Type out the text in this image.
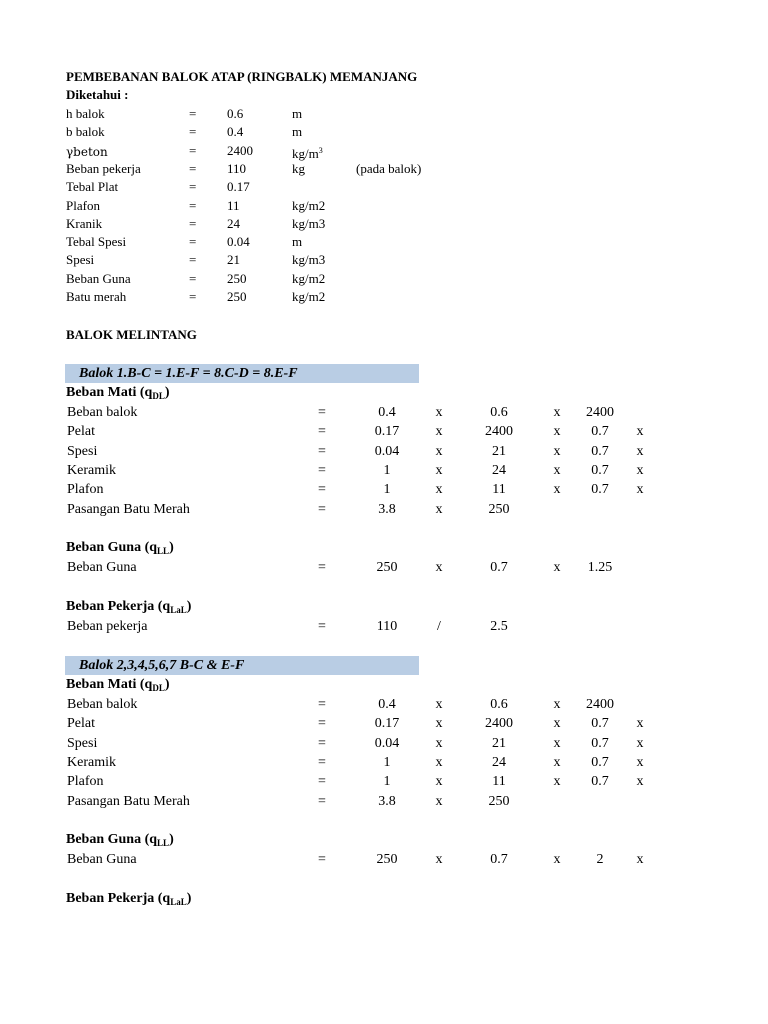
PEMBEBANAN BALOK ATAP (RINGBALK) MEMANJANG
Diketahui :
h balok	= 0.6	m
b balok	= 0.4	m
γbeton	= 2400	$kg/m^3$
Beban pekerja	= 110	kg	(pada balok)
Tebal Plat	= 0.17
Plafon	= 11	kg/m2
Kranik	= 24	kg/m3
Tebal Spesi	= 0.04	m
Spesi	= 21	kg/m3
Beban Guna	= 250	kg/m2
Batu merah	= 250	kg/m2
BALOK MELINTANG
Balok 1.B-C = 1.E-F = 8.C-D = 8.E-F
Beban Mati $(q_{DL})$
Beban balok	=	0.4	x	0.6	x	2400
Pelat	=	0.17	x	2400	x	0.7	x
Spesi	=	0.04	x	21	x	0.7	x
Keramik	=	1	x	24	x	0.7	x
Plafon	=	1	x	11	x	0.7	x
Pasangan Batu Merah	=	3.8	x	250
Beban Guna $(q_{LL})$
Beban Guna	=	250	x	0.7	x	1.25
Beban Pekerja $(q_{LaL})$
Beban pekerja	=	110	/	2.5
Balok 2,3,4,5,6,7 B-C & E-F
Beban Mati $(q_{DL})$
Beban balok	=	0.4	x	0.6	x	2400
Pelat	=	0.17	x	2400	x	0.7	x
Spesi	=	0.04	x	21	x	0.7	x
Keramik	=	1	x	24	x	0.7	x
Plafon	=	1	x	11	x	0.7	x
Pasangan Batu Merah	=	3.8	x	250
Beban Guna $(q_{LL})$
Beban Guna	=	250	x	0.7	x	2	x
Beban Pekerja $(q_{LaL})$
